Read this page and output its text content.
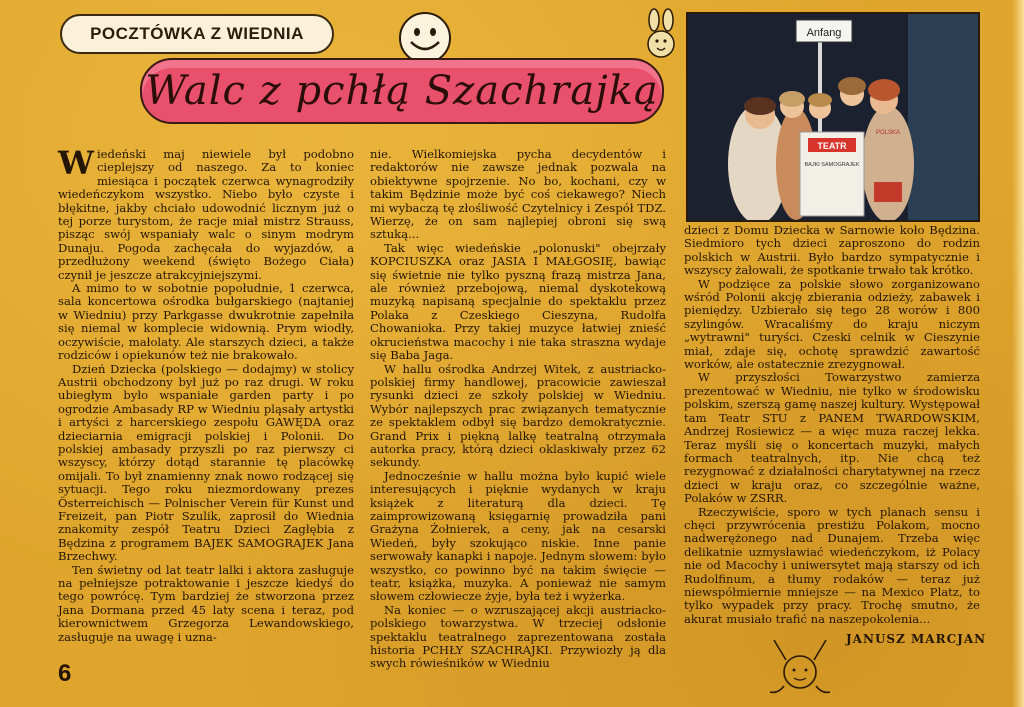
POCZTÓWKA Z WIEDNIA
Walc z pchłą Szachrajką
Anfang
TEATR
BAJKI SAMOGRAJEK
POLSKA

Wiedeński maj niewiele był podobno cieplejszy od naszego. Za to koniec miesiąca i początek czerwca wynagrodziły wiedeńczykom wszystko. Niebo było czyste i błękitne, jakby chciało udowodnić licznym już o tej porze turystom, że racje miał mistrz Strauss, pisząc swój wspaniały walc o sinym modrym Dunaju. Pogoda zachęcała do wyjazdów, a przedłużony weekend (święto Bożego Ciała) czynił je jeszcze atrakcyjniejszymi.

A mimo to w sobotnie popołudnie, 1 czerwca, sala koncertowa ośrodka bułgarskiego (najtaniej w Wiedniu) przy Parkgasse dwukrotnie zapełniła się niemal w komplecie widownią. Prym wiodły, oczywiście, małolaty. Ale starszych dzieci, a także rodziców i opiekunów też nie brakowało.

Dzień Dziecka (polskiego — dodajmy) w stolicy Austrii obchodzony był już po raz drugi. W roku ubiegłym było wspaniałe garden party i po ogrodzie Ambasady RP w Wiedniu pląsały artystki i artyści z harcerskiego zespołu GAWĘDA oraz dzieciarnia emigracji polskiej i Polonii. Do polskiej ambasady przyszli po raz pierwszy ci wszyscy, którzy dotąd starannie tę placówkę omijali. To był znamienny znak nowo rodzącej się sytuacji. Tego roku niezmordowany prezes Österreichisch — Polnischer Verein für Kunst und Freizeit, pan Piotr Szulik, zaprosił do Wiednia znakomity zespół Teatru Dzieci Zagłębia z Będzina z programem BAJEK SAMOGRAJEK Jana Brzechwy.

Ten świetny od lat teatr lalki i aktora zasługuje na pełniejsze potraktowanie i jeszcze kiedyś do tego powrócę. Tym bardziej że stworzona przez Jana Dormana przed 45 laty scena i teraz, pod kierownictwem Grzegorza Lewandowskiego, zasługuje na uwagę i uzna-

nie. Wielkomiejska pycha decydentów i redaktorów nie zawsze jednak pozwala na obiektywne spojrzenie. No bo, kochani, czy w takim Będzinie może być coś ciekawego? Niech mi wybaczą tę złośliwość Czytelnicy i Zespół TDZ. Wierzę, że on sam najlepiej obroni się swą sztuką...

Tak więc wiedeńskie „polonuski" obejrzały KOPCIUSZKA oraz JASIA I MAŁGOSIĘ, bawiąc się świetnie nie tylko pyszną frazą mistrza Jana, ale również przebojową, niemal dyskotekową muzyką napisaną specjalnie do spektaklu przez Polaka z Czeskiego Cieszyna, Rudolfa Chowanioka. Przy takiej muzyce łatwiej znieść okrucieństwa macochy i nie taka straszna wydaje się Baba Jaga.

W hallu ośrodka Andrzej Witek, z austriacko-polskiej firmy handlowej, pracowicie zawieszał rysunki dzieci ze szkoły polskiej w Wiedniu. Wybór najlepszych prac związanych tematycznie ze spektaklem odbył się bardzo demokratycznie. Grand Prix i piękną lalkę teatralną otrzymała autorka pracy, którą dzieci oklaskiwały przez 62 sekundy.

Jednocześnie w hallu można było kupić wiele interesujących i pięknie wydanych w kraju książek z literaturą dla dzieci. Tę zaimprowizowaną księgarnię prowadziła pani Grażyna Żołnierek, a ceny, jak na cesarski Wiedeń, były szokująco niskie. Inne panie serwowały kanapki i napoje. Jednym słowem: było wszystko, co powinno być na takim święcie — teatr, książka, muzyka. A ponieważ nie samym słowem człowiecze żyje, była też i wyżerka.

Na koniec — o wzruszającej akcji austriacko-polskiego towarzystwa. W trzeciej odsłonie spektaklu teatralnego zaprezentowana została historia PCHŁY SZACHRAJKI. Przywiozły ją dla swych rówieśników w Wiedniu

dzieci z Domu Dziecka w Sarnowie koło Będzina. Siedmioro tych dzieci zaproszono do rodzin polskich w Austrii. Było bardzo sympatycznie i wszyscy żałowali, że spotkanie trwało tak krótko.

W podzięce za polskie słowo zorganizowano wśród Polonii akcję zbierania odzieży, zabawek i pieniędzy. Uzbierało się tego 28 worów i 800 szylingów. Wracaliśmy do kraju niczym „wytrawni" turyści. Czeski celnik w Cieszynie miał, zdaje się, ochotę sprawdzić zawartość worków, ale ostatecznie zrezygnował.

W przyszłości Towarzystwo zamierza prezentować w Wiedniu, nie tylko w środowisku polskim, szerszą gamę naszej kultury. Występował tam Teatr STU z PANEM TWARDOWSKIM, Andrzej Rosiewicz — a więc muza raczej lekka. Teraz myśli się o koncertach muzyki, małych formach teatralnych, itp. Nie chcą też rezygnować z działalności charytatywnej na rzecz dzieci w kraju oraz, co szczególnie ważne, Polaków w ZSRR.

Rzeczywiście, sporo w tych planach sensu i chęci przywrócenia prestiżu Polakom, mocno nadwerężonego nad Dunajem. Trzeba więc delikatnie uzmysławiać wiedeńczykom, iż Polacy nie od Macochy i uniwersytet mają starszy od ich Rudolfinum, a tłumy rodaków — teraz już niewspółmiernie mniejsze — na Mexico Platz, to tylko wypadek przy pracy. Trochę smutno, że akurat musiało trafić na naszepokolenia...

JANUSZ MARCJAN
6
